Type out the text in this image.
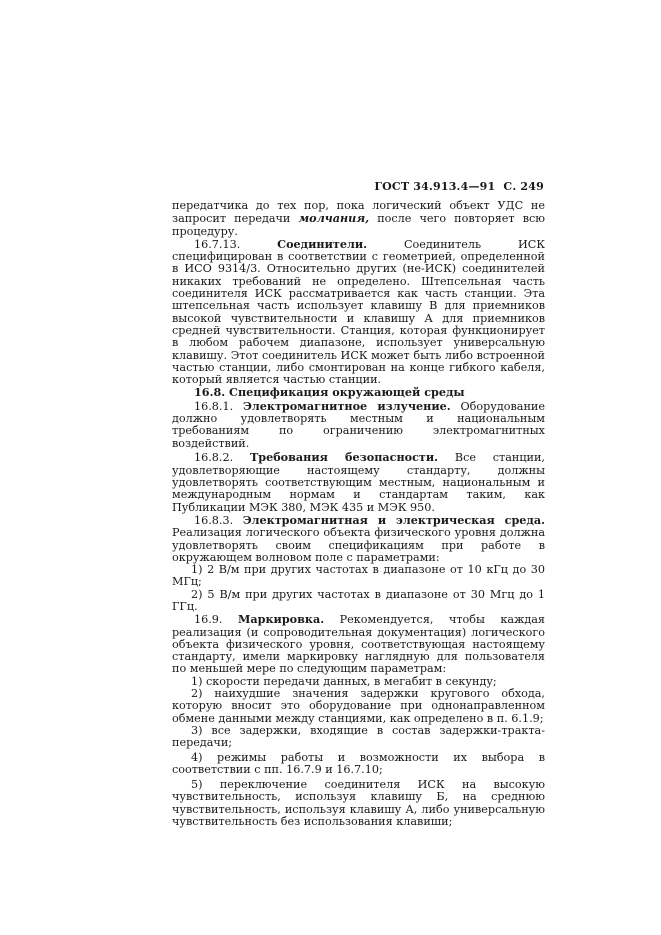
ГОСТ 34.913.4—91 С. 249

передатчика до тех пор, пока логический объект УДС не запросит передачи молчания, после чего повторяет всю процедуру.

16.7.13.	Соединители.	Соединитель ИСК специфицирован в соответствии с геометрией, определенной в ИСО 9314/3. Относительно других (не-ИСК) соединителей никаких требований не определено. Штепсельная часть соединителя ИСК рассматривается как часть станции. Эта штепсельная часть использует клавишу В для приемников высокой чувствительности и клавишу А для приемников средней чувствительности. Станция, которая функционирует в любом рабочем диапазоне, использует универсальную клавишу. Этот соединитель ИСК может быть либо встроенной частью станции, либо смонтирован на конце гибкого кабеля, который является частью станции.

16.8. Спецификация окружающей среды

16.8.1. Электромагнитное излучение. Оборудование должно удовлетворять местным и национальным требованиям по ограничению электромагнитных воздействий.

16.8.2. Требования безопасности. Все станции, удовлетворяющие настоящему стандарту, должны удовлетворять соответствующим местным, национальным и международным нормам и стандартам таким, как Публикации МЭК 380, МЭК 435 и МЭК 950.

16.8.3. Электромагнитная и электрическая среда. Реализация логического объекта физического уровня должна удовлетворять своим спецификациям при работе в окружающем волновом поле с параметрами:

1) 2 В/м при других частотах в диапазоне от 10 кГц до 30 МГц;

2) 5 В/м при других частотах в диапазоне от 30 Мгц до 1 ГГц.

16.9. Маркировка. Рекомендуется, чтобы каждая реализация (и сопроводительная документация) логического объекта физического уровня, соответствующая настоящему стандарту, имели маркировку наглядную для пользователя по меньшей мере по следующим параметрам:

1) скорости передачи данных, в мегабит в секунду;

2) наихудшие значения задержки кругового обхода, которую вносит это оборудование при однонаправленном обмене данными между станциями, как определено в п. 6.1.9;

3) все задержки, входящие в состав задержки-тракта-передачи;

4) режимы работы и возможности их выбора в соответствии с пп. 16.7.9 и 16.7.10;

5) переключение соединителя ИСК на высокую чувствительность, используя клавишу Б, на среднюю чувствительность, используя клавишу А, либо универсальную чувствительность без использования клавиши;
